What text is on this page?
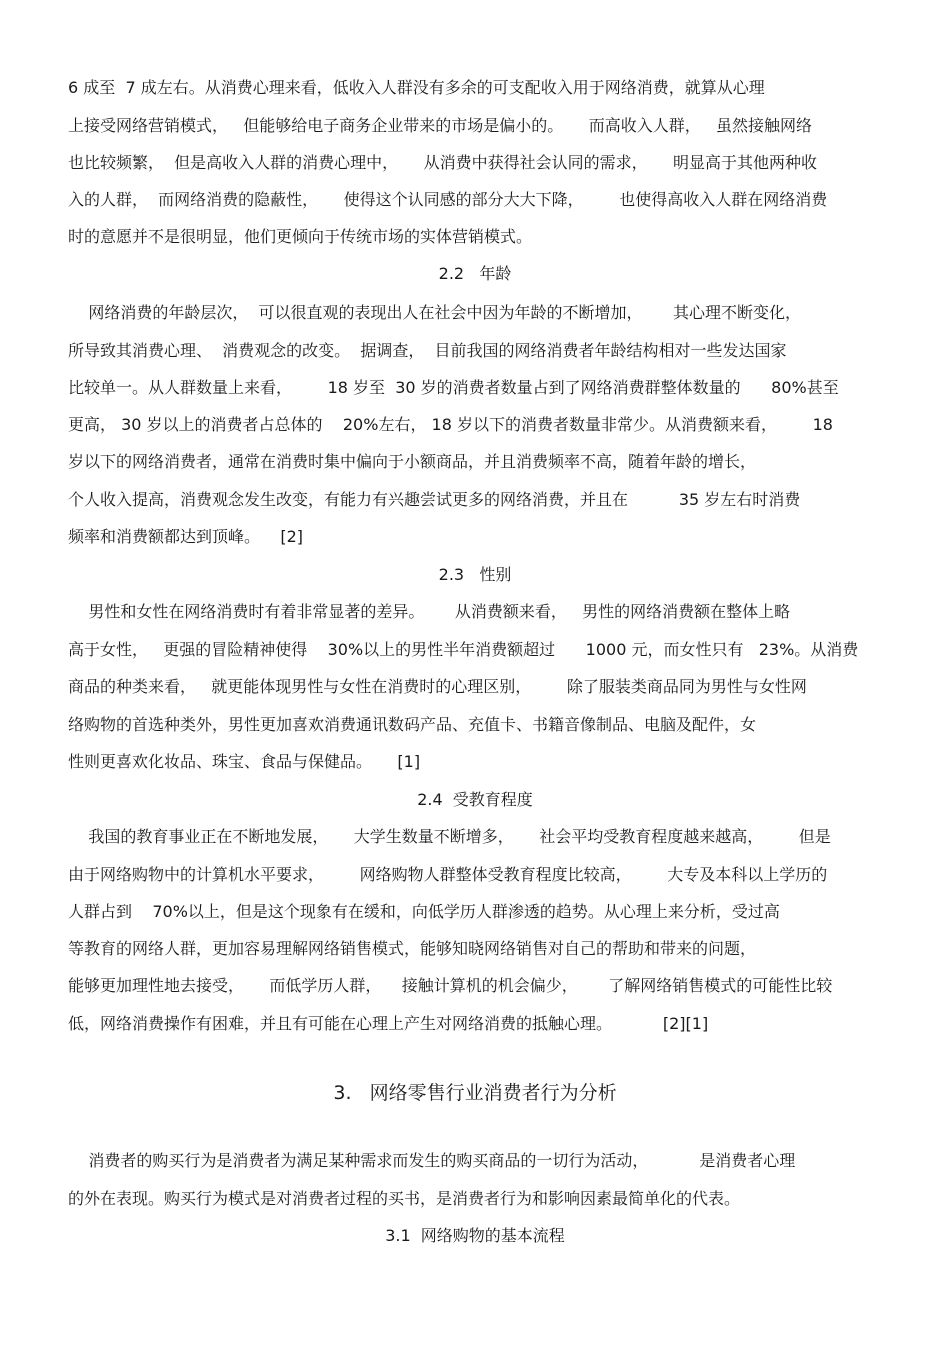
6 成至  7 成左右。从消费心理来看，低收入人群没有多余的可支配收入用于网络消费，就算从心理
上接受网络营销模式，   但能够给电子商务企业带来的市场是偏小的。     而高收入人群，   虽然接触网络
也比较频繁，  但是高收入人群的消费心理中，     从消费中获得社会认同的需求，     明显高于其他两种收
入的人群，  而网络消费的隐蔽性，     使得这个认同感的部分大大下降，       也使得高收入人群在网络消费
时的意愿并不是很明显，他们更倾向于传统市场的实体营销模式。
2.2   年龄
网络消费的年龄层次，  可以很直观的表现出人在社会中因为年龄的不断增加，      其心理不断变化，
所导致其消费心理、  消费观念的改变。  据调查，  目前我国的网络消费者年龄结构相对一些发达国家
比较单一。从人群数量上来看，       18 岁至  30 岁的消费者数量占到了网络消费群整体数量的      80%甚至
更高， 30 岁以上的消费者占总体的    20%左右， 18 岁以下的消费者数量非常少。从消费额来看，       18
岁以下的网络消费者，通常在消费时集中偏向于小额商品，并且消费频率不高，随着年龄的增长，
个人收入提高，消费观念发生改变，有能力有兴趣尝试更多的网络消费，并且在          35 岁左右时消费
频率和消费额都达到顶峰。    [2]
2.3   性别
男性和女性在网络消费时有着非常显著的差异。      从消费额来看，   男性的网络消费额在整体上略
高于女性，   更强的冒险精神使得    30%以上的男性半年消费额超过      1000 元，而女性只有   23%。从消费
商品的种类来看，   就更能体现男性与女性在消费时的心理区别，       除了服装类商品同为男性与女性网
络购物的首选种类外，男性更加喜欢消费通讯数码产品、充值卡、书籍音像制品、电脑及配件，女
性则更喜欢化妆品、珠宝、食品与保健品。     [1]
2.4  受教育程度
我国的教育事业正在不断地发展，     大学生数量不断增多，     社会平均受教育程度越来越高，       但是
由于网络购物中的计算机水平要求，       网络购物人群整体受教育程度比较高，       大专及本科以上学历的
人群占到    70%以上，但是这个现象有在缓和，向低学历人群渗透的趋势。从心理上来分析，受过高
等教育的网络人群，更加容易理解网络销售模式，能够知晓网络销售对自己的帮助和带来的问题，
能够更加理性地去接受，     而低学历人群，    接触计算机的机会偏少，      了解网络销售模式的可能性比较
低，网络消费操作有困难，并且有可能在心理上产生对网络消费的抵触心理。          [2][1]
3.   网络零售行业消费者行为分析
消费者的购买行为是消费者为满足某种需求而发生的购买商品的一切行为活动，          是消费者心理
的外在表现。购买行为模式是对消费者过程的买书，是消费者行为和影响因素最简单化的代表。
3.1  网络购物的基本流程
